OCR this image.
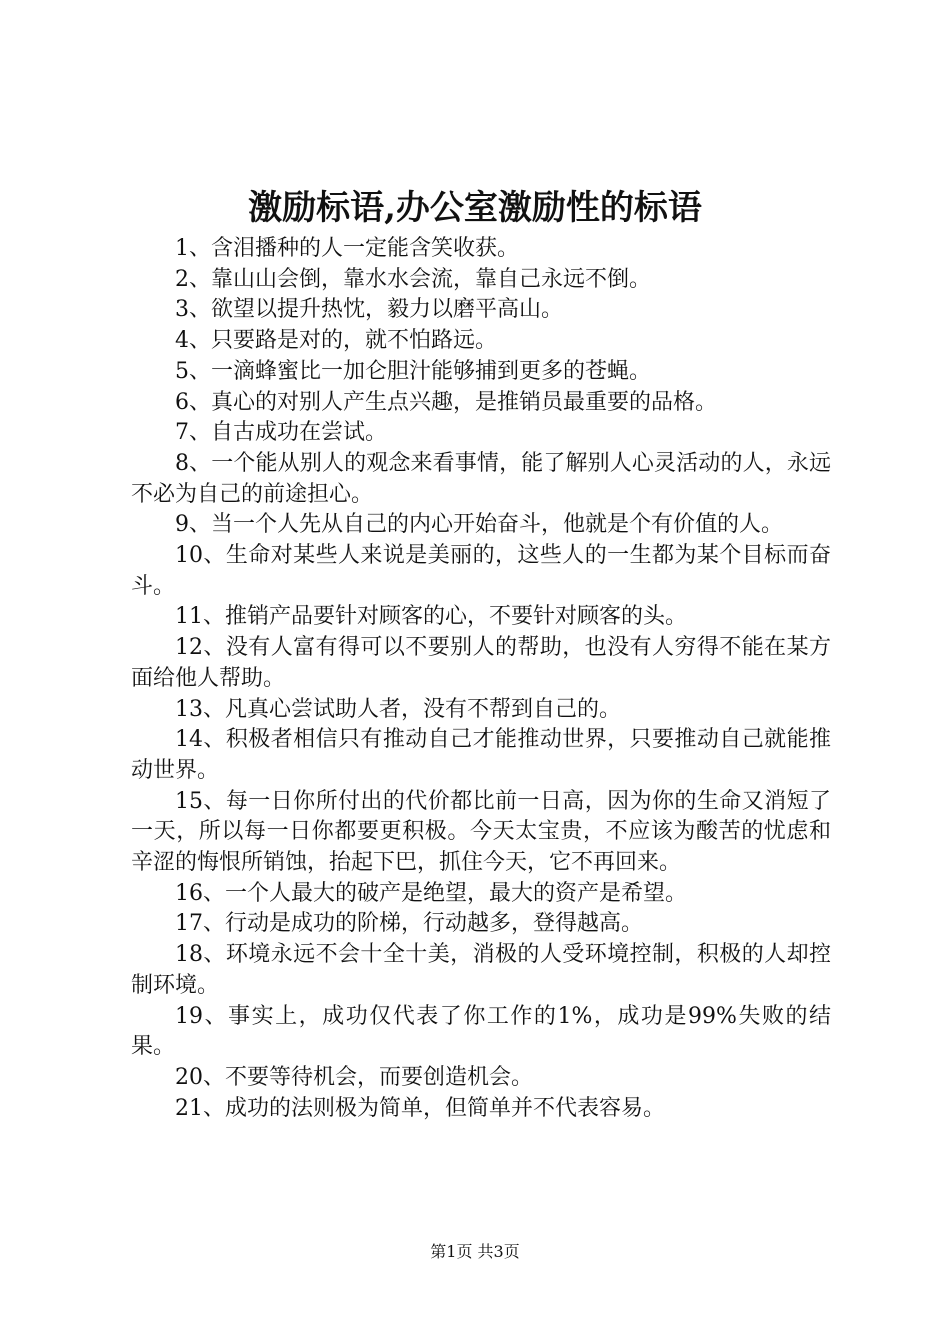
激励标语,办公室激励性的标语

1、含泪播种的人一定能含笑收获。

2、靠山山会倒，靠水水会流，靠自己永远不倒。

3、欲望以提升热忱，毅力以磨平高山。

4、只要路是对的，就不怕路远。

5、一滴蜂蜜比一加仑胆汁能够捕到更多的苍蝇。

6、真心的对别人产生点兴趣，是推销员最重要的品格。

7、自古成功在尝试。

8、一个能从别人的观念来看事情，能了解别人心灵活动的人，永远不必为自己的前途担心。

9、当一个人先从自己的内心开始奋斗，他就是个有价值的人。

10、生命对某些人来说是美丽的，这些人的一生都为某个目标而奋斗。

11、推销产品要针对顾客的心，不要针对顾客的头。

12、没有人富有得可以不要别人的帮助，也没有人穷得不能在某方面给他人帮助。

13、凡真心尝试助人者，没有不帮到自己的。

14、积极者相信只有推动自己才能推动世界，只要推动自己就能推动世界。

15、每一日你所付出的代价都比前一日高，因为你的生命又消短了一天，所以每一日你都要更积极。今天太宝贵，不应该为酸苦的忧虑和辛涩的悔恨所销蚀，抬起下巴，抓住今天，它不再回来。

16、一个人最大的破产是绝望，最大的资产是希望。

17、行动是成功的阶梯，行动越多，登得越高。

18、环境永远不会十全十美，消极的人受环境控制，积极的人却控制环境。

19、事实上，成功仅代表了你工作的1%，成功是99%失败的结果。

20、不要等待机会，而要创造机会。

21、成功的法则极为简单，但简单并不代表容易。

第1页 共3页
